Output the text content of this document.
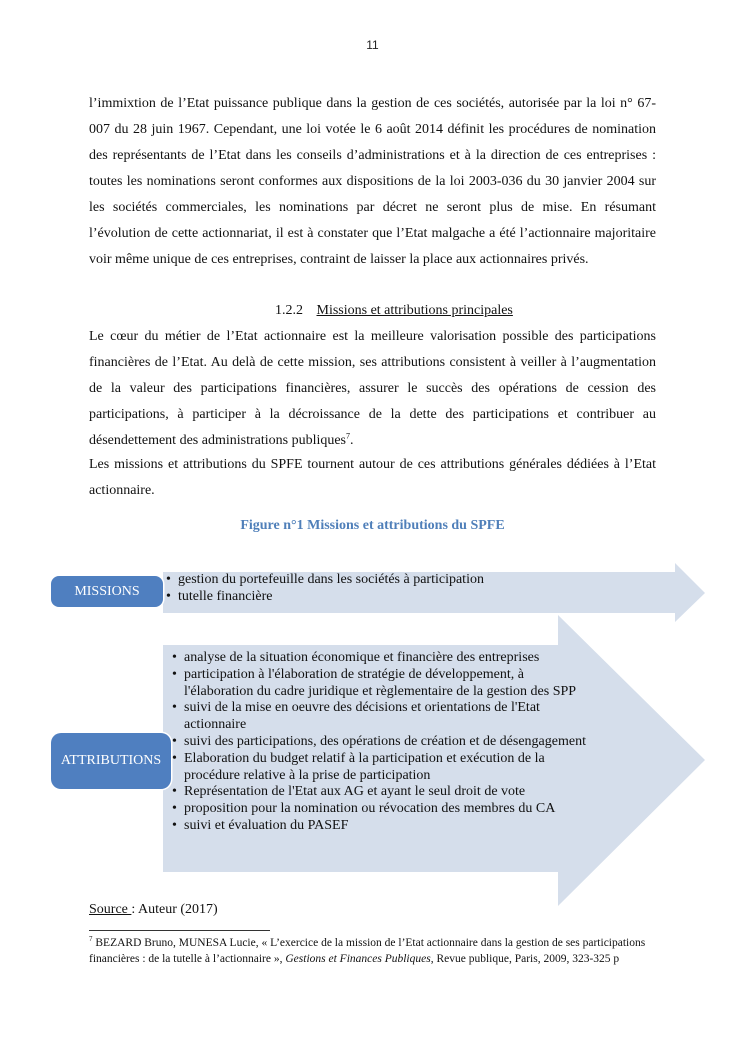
11

l’immixtion de l’Etat puissance publique dans la gestion de ces sociétés, autorisée par la loi n° 67-007 du 28 juin 1967. Cependant, une loi votée le 6 août 2014 définit les procédures de nomination des représentants de l’Etat dans les conseils d’administrations et à la direction de ces entreprises : toutes les nominations seront conformes aux dispositions de la loi 2003-036 du 30 janvier 2004 sur les sociétés commerciales, les nominations par décret ne seront plus de mise. En résumant l’évolution de cette actionnariat, il est à constater que l’Etat malgache a été l’actionnaire majoritaire voir même unique de ces entreprises, contraint de laisser la place aux actionnaires privés.

1.2.2 Missions et attributions principales

Le cœur du métier de l’Etat actionnaire est la meilleure valorisation possible des participations financières de l’Etat. Au delà de cette mission, ses attributions consistent à veiller à l’augmentation de la valeur des participations financières, assurer le succès des opérations de cession des participations, à participer à la décroissance de la dette des participations et contribuer au désendettement des administrations publiques$^7$.

Les missions et attributions du SPFE tournent autour de ces attributions générales dédiées à l’Etat actionnaire.

Figure n°1 Missions et attributions du SPFE
• gestion du portefeuille dans les sociétés à participation
• tutelle financière
• analyse de la situation économique et financière des entreprises
• participation à l'élaboration de stratégie de développement, à l'élaboration du cadre juridique et règlementaire de la gestion des SPP
• suivi de la mise en oeuvre des décisions et orientations de l'Etat actionnaire
• suivi des participations, des opérations de création et de désengagement
• Elaboration du budget relatif à la participation et exécution de la procédure relative à la prise de participation
• Représentation de l'Etat aux AG et ayant le seul droit de vote
• proposition pour la nomination ou révocation des membres du CA
• suivi et évaluation du PASEF
MISSIONS
ATTRIBUTIONS
Source : Auteur (2017)

$^7$ BEZARD Bruno, MUNESA Lucie, « L’exercice de la mission de l’Etat actionnaire dans la gestion de ses participations financières : de la tutelle à l’actionnaire », Gestions et Finances Publiques, Revue publique, Paris, 2009, 323-325 p
